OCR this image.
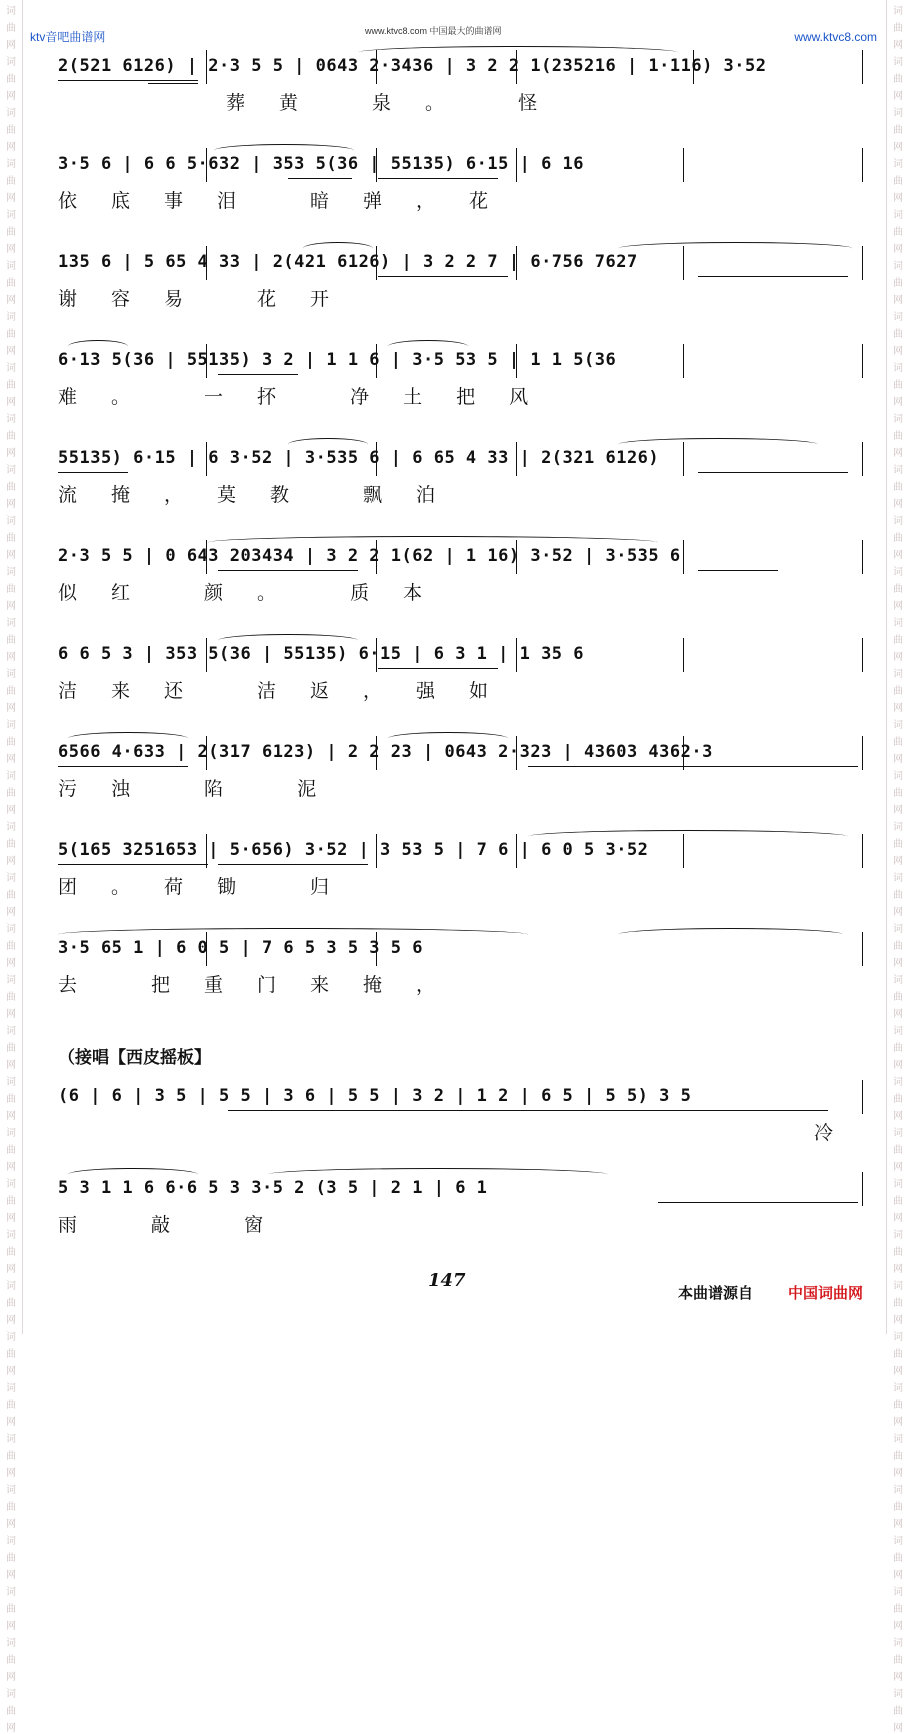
词
曲
网
词
曲
网
词
曲
网
词
曲
网
词
曲
网
词
曲
网
词
曲
网
词
曲
网
词
曲
网
词
曲
网
词
曲
网
词
曲
网
词
曲
网
词
曲
网
词
曲
网
词
曲
网
词
曲
网
词
曲
网
词
曲
网
词
曲
网
词
曲
网
词
曲
网
词
曲
网
词
曲
网
词
曲
网
词
曲
网
词
曲
网
词
曲
网
词
曲
网
词
曲
网
词
曲
网
词
曲
网
词
曲
网
词
曲
网
词
曲
网
词
曲
网
词
曲
网
词
曲
网
词
曲
网
词
曲
网
词
曲
网
词
曲
网
词
曲
网
词
曲
网
词
曲
网
词
曲
网
词
曲
网
词
曲
网
词
曲
网
词
曲
网
词
曲
网
词
曲
网
词
曲
网
词
曲
网
词
曲
网
词
曲
网
词
曲
网
词
曲
网
词
曲
网
词
曲
网
词
曲
网
词
曲
网
词
曲
网
词
曲
网
词
曲
网
词
曲
网
词
曲
网
词
曲
网
ktv音吧曲谱网	www.ktvc8.com 中国最大的曲谱网	www.ktvc8.com
2(521 6126) | 2·3 5 5 | 0643 2·3436 | 3 2 2 1(235216 | 1·116) 3·52
葬黄 泉。 怪
3·5 6 | 6 6 5·632 | 353 5(36 | 55135) 6·15 | 6 16
依底事泪 暗弹，花
135 6 | 5 65 4 33 | 2(421 6126) | 3 2 2 7 | 6·756 7627
谢容易 花开
6·13 5(36 | 55135) 3 2 | 1 1 6 | 3·5 53 5 | 1 1 5(36
难。 一抔 净土把风
55135) 6·15 | 6 3·52 | 3·535 6 | 6 65 4 33 | 2(321 6126)
流掩，莫教 飘泊
2·3 5 5 | 0 643 203434 | 3 2 2 1(62 | 1 16) 3·52 | 3·535 6
似红 颜。 质本
6 6 5 3 | 353 5(36 | 55135) 6·15 | 6 3 1 | 1 35 6
洁来还 洁返，强如
6566 4·633 | 2(317 6123) | 2 2 23 | 0643 2·323 | 43603 4362·3
污浊 陷 泥
5(165 3251653 | 5·656) 3·52 | 3 53 5 | 7 6 | 6 0 5 3·52
团。荷锄 归
3·5 65 1 | 6 0 5 | 7 6 5 3 5 3 5 6
去 把重门来掩，
（接唱【西皮摇板】
(6 | 6 | 3 5 | 5 5 | 3 6 | 5 5 | 3 2 | 1 2 | 6 5 | 5 5) 3 5
冷
5 3 1 1 6 6·6 5 3 3·5 2 (3 5 | 2 1 | 6 1
雨 敲 窗
147
本曲谱源自 中国词曲网
